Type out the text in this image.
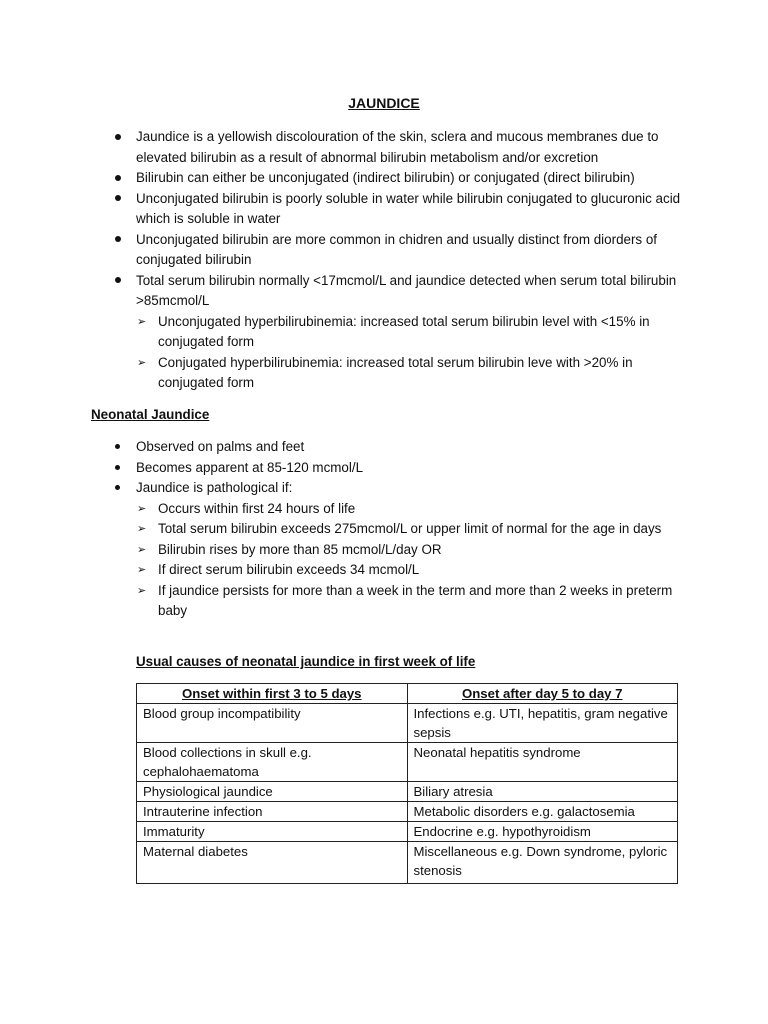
JAUNDICE
Jaundice is a yellowish discolouration of the skin, sclera and mucous membranes due to elevated bilirubin as a result of abnormal bilirubin metabolism and/or excretion
Bilirubin can either be unconjugated (indirect bilirubin) or conjugated (direct bilirubin)
Unconjugated bilirubin is poorly soluble in water while bilirubin conjugated to glucuronic acid which is soluble in water
Unconjugated bilirubin are more common in chidren and usually distinct from diorders of conjugated bilirubin
Total serum bilirubin normally <17mcmol/L and jaundice detected when serum total bilirubin >85mcmol/L
➢ Unconjugated hyperbilirubinemia: increased total serum bilirubin level with <15% in conjugated form
➢ Conjugated hyperbilirubinemia: increased total serum bilirubin leve with >20% in conjugated form
Neonatal Jaundice
Observed on palms and feet
Becomes apparent at 85-120 mcmol/L
Jaundice is pathological if:
➢ Occurs within first 24 hours of life
➢ Total serum bilirubin exceeds 275mcmol/L or upper limit of normal for the age in days
➢ Bilirubin rises by more than 85 mcmol/L/day OR
➢ If direct serum bilirubin exceeds 34 mcmol/L
➢ If jaundice persists for more than a week in the term and more than 2 weeks in preterm baby
Usual causes of neonatal jaundice in first week of life
Onset within first 3 to 5 days	Onset after day 5 to day 7
Blood group incompatibility	Infections e.g. UTI, hepatitis, gram negative sepsis
Blood collections in skull e.g. cephalohaematoma	Neonatal hepatitis syndrome
Physiological jaundice	Biliary atresia
Intrauterine infection	Metabolic disorders e.g. galactosemia
Immaturity	Endocrine e.g. hypothyroidism
Maternal diabetes	Miscellaneous e.g. Down syndrome, pyloric stenosis
